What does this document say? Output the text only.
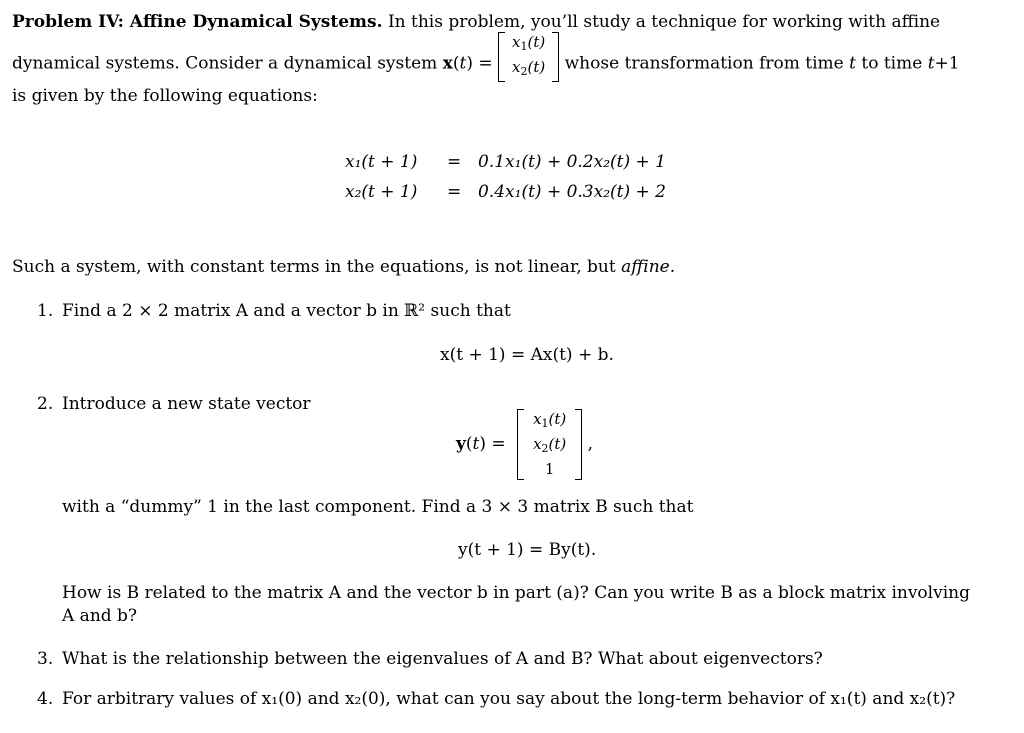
Problem IV: Affine Dynamical Systems. In this problem, you’ll study a technique for working with affine
dynamical systems. Consider a dynamical system x(t) =
$x_1(t)$
$x_2(t)$ whose transformation from time t to time t+1
is given by the following equations:
x₁(t + 1) = 0.1x₁(t) + 0.2x₂(t) + 1
x₂(t + 1) = 0.4x₁(t) + 0.3x₂(t) + 2
Such a system, with constant terms in the equations, is not linear, but affine.
1. Find a 2 × 2 matrix A and a vector b in ℝ² such that
x(t + 1) = Ax(t) + b.
2. Introduce a new state vector
y(t) =
$x_1(t)$
$x_2(t)$
1
,
with a “dummy” 1 in the last component. Find a 3 × 3 matrix B such that
y(t + 1) = By(t).
How is B related to the matrix A and the vector b in part (a)? Can you write B as a block matrix involving
A and b?
3. What is the relationship between the eigenvalues of A and B? What about eigenvectors?
4. For arbitrary values of x₁(0) and x₂(0), what can you say about the long-term behavior of x₁(t) and x₂(t)?
